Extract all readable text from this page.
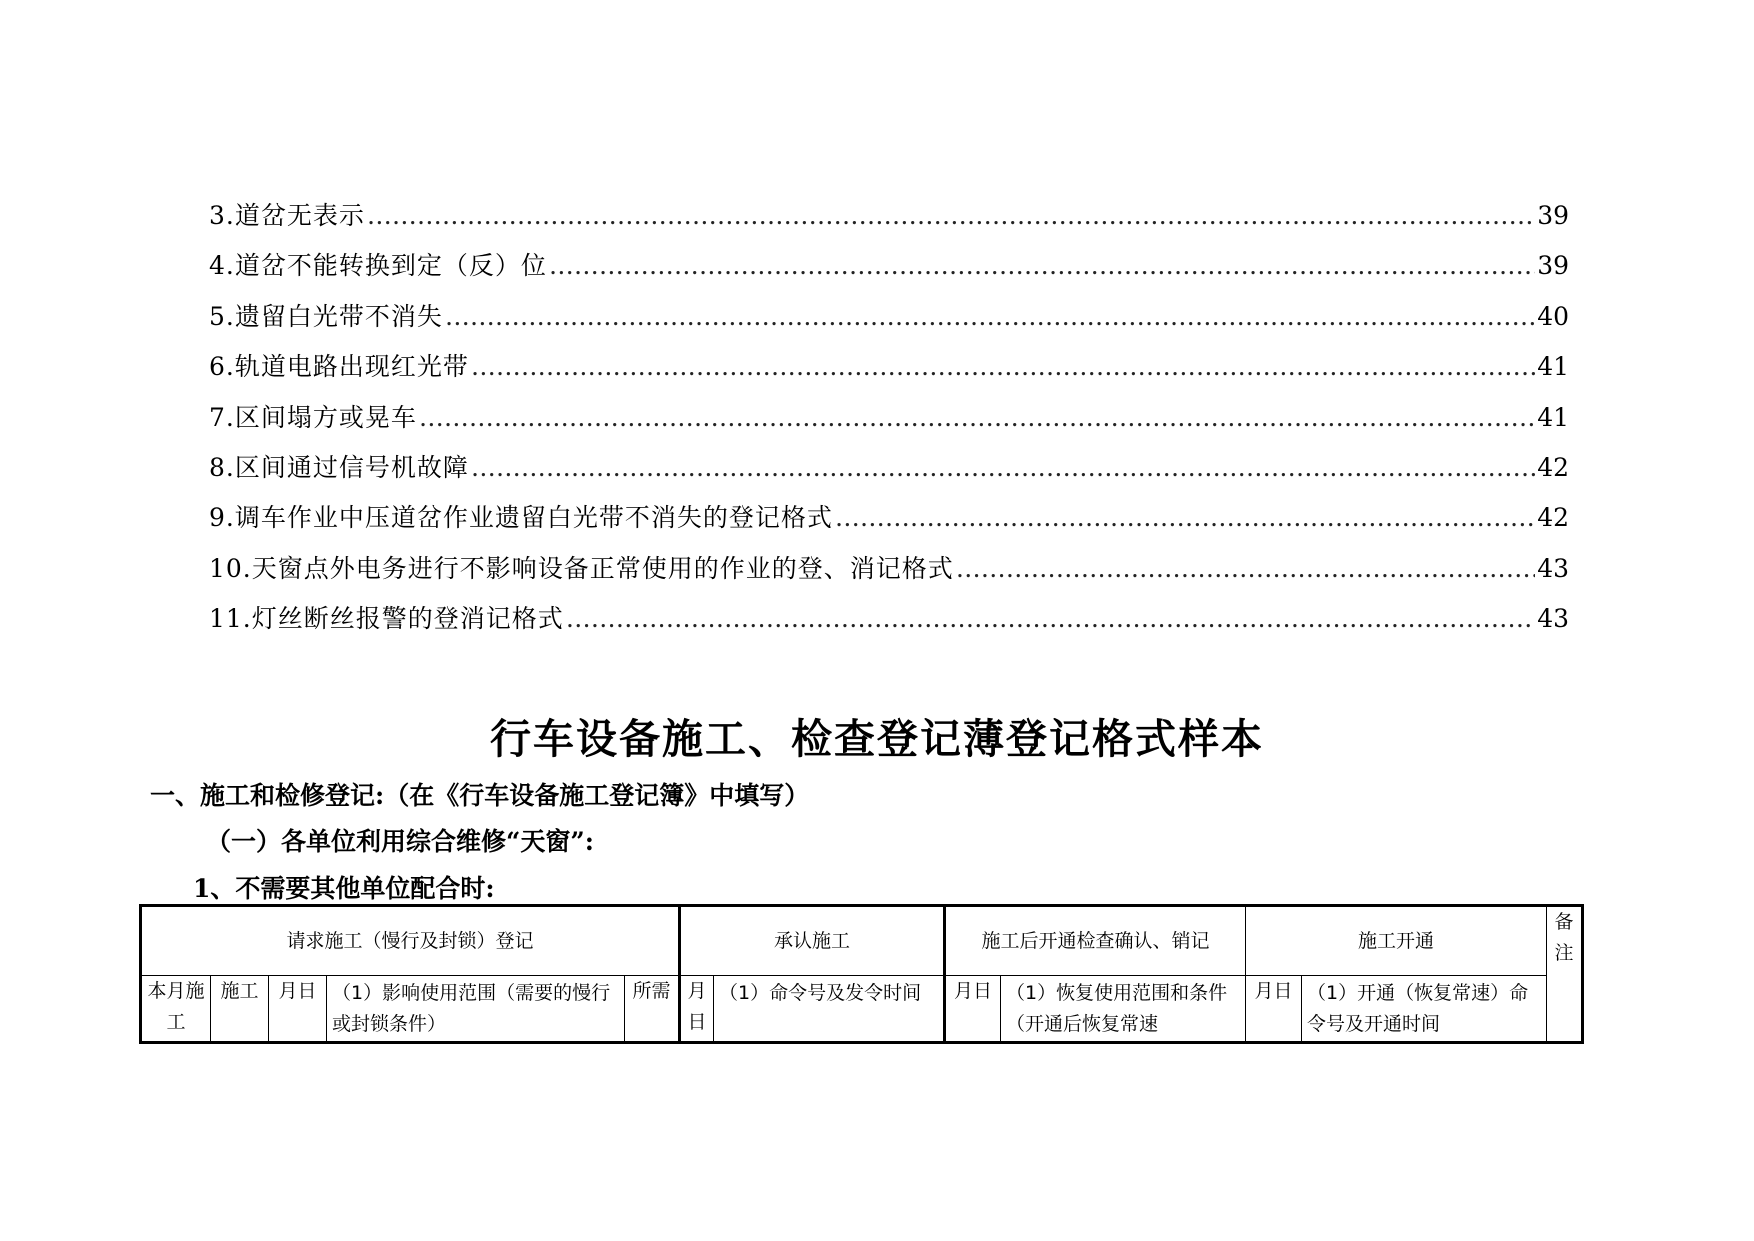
3.道岔无表示 ……………………………………………………………………………………………………………………………………………………………………………………………………	39
4.道岔不能转换到定（反）位 ……………………………………………………………………………………………………………………………………………………………………………………………………	39
5.遗留白光带不消失 ……………………………………………………………………………………………………………………………………………………………………………………………………	40
6.轨道电路出现红光带 ……………………………………………………………………………………………………………………………………………………………………………………………………	41
7.区间塌方或晃车 ……………………………………………………………………………………………………………………………………………………………………………………………………	41
8.区间通过信号机故障 ……………………………………………………………………………………………………………………………………………………………………………………………………	42
9.调车作业中压道岔作业遗留白光带不消失的登记格式 ……………………………………………………………………………………………………………………………………………………………………………………………………	42
10.天窗点外电务进行不影响设备正常使用的作业的登、消记格式 ……………………………………………………………………………………………………………………………………………………………………………………………………	43
11.灯丝断丝报警的登消记格式 ……………………………………………………………………………………………………………………………………………………………………………………………………	43
行车设备施工、检查登记薄登记格式样本
一、施工和检修登记:（在《行车设备施工登记簿》中填写）
（一）各单位利用综合维修“天窗”:
1、不需要其他单位配合时:
请求施工（慢行及封锁）登记					承认施工		施工后开通检查确认、销记		施工开通		备注
本月施工	施工	月日	（1）影响使用范围（需要的慢行或封锁条件）	所需	月日	（1）命令号及发令时间	月日	（1）恢复使用范围和条件（开通后恢复常速	月日	（1）开通（恢复常速）命令号及开通时间	
